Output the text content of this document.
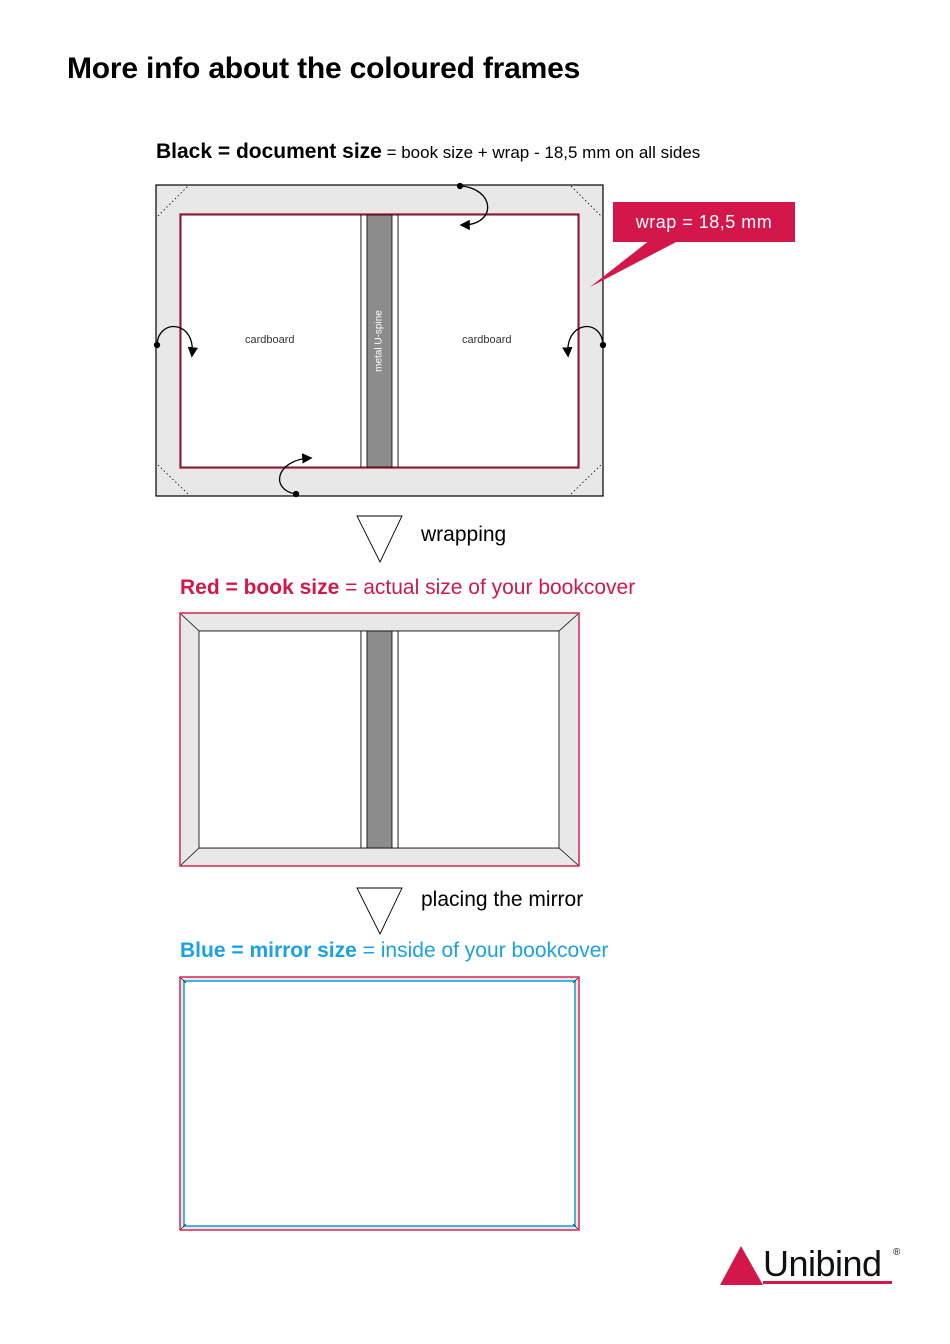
More info about the coloured frames
Black = document size = book size + wrap - 18,5 mm on all sides
wrap = 18,5 mm
cardboard	cardboard
metal U-spine
wrapping
placing the mirror
Red = book size = actual size of your bookcover
Blue = mirror size = inside of your bookcover
Unibind ®
